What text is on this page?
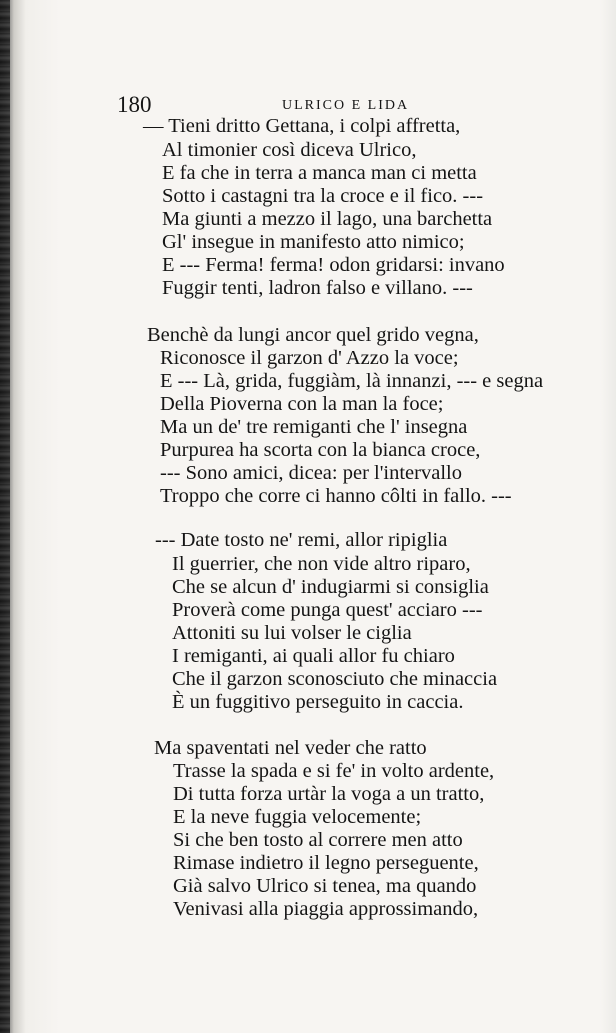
180	ULRICO E LIDA
— Tieni dritto Gettana, i colpi affretta,
Al timonier così diceva Ulrico,
E fa che in terra a manca man ci metta
Sotto i castagni tra la croce e il fico. ---
Ma giunti a mezzo il lago, una barchetta
Gl' insegue in manifesto atto nimico;
E --- Ferma! ferma! odon gridarsi: invano
Fuggir tenti, ladron falso e villano. ---
Benchè da lungi ancor quel grido vegna,
Riconosce il garzon d' Azzo la voce;
E --- Là, grida, fuggiàm, là innanzi, --- e segna
Della Pioverna con la man la foce;
Ma un de' tre remiganti che l' insegna
Purpurea ha scorta con la bianca croce,
--- Sono amici, dicea: per l'intervallo
Troppo che corre ci hanno côlti in fallo. ---
--- Date tosto ne' remi, allor ripiglia
Il guerrier, che non vide altro riparo,
Che se alcun d' indugiarmi si consiglia
Proverà come punga quest' acciaro ---
Attoniti su lui volser le ciglia
I remiganti, ai quali allor fu chiaro
Che il garzon sconosciuto che minaccia
È un fuggitivo perseguito in caccia.
Ma spaventati nel veder che ratto
Trasse la spada e si fe' in volto ardente,
Di tutta forza urtàr la voga a un tratto,
E la neve fuggia velocemente;
Si che ben tosto al correre men atto
Rimase indietro il legno perseguente,
Già salvo Ulrico si tenea, ma quando
Venivasi alla piaggia approssimando,
